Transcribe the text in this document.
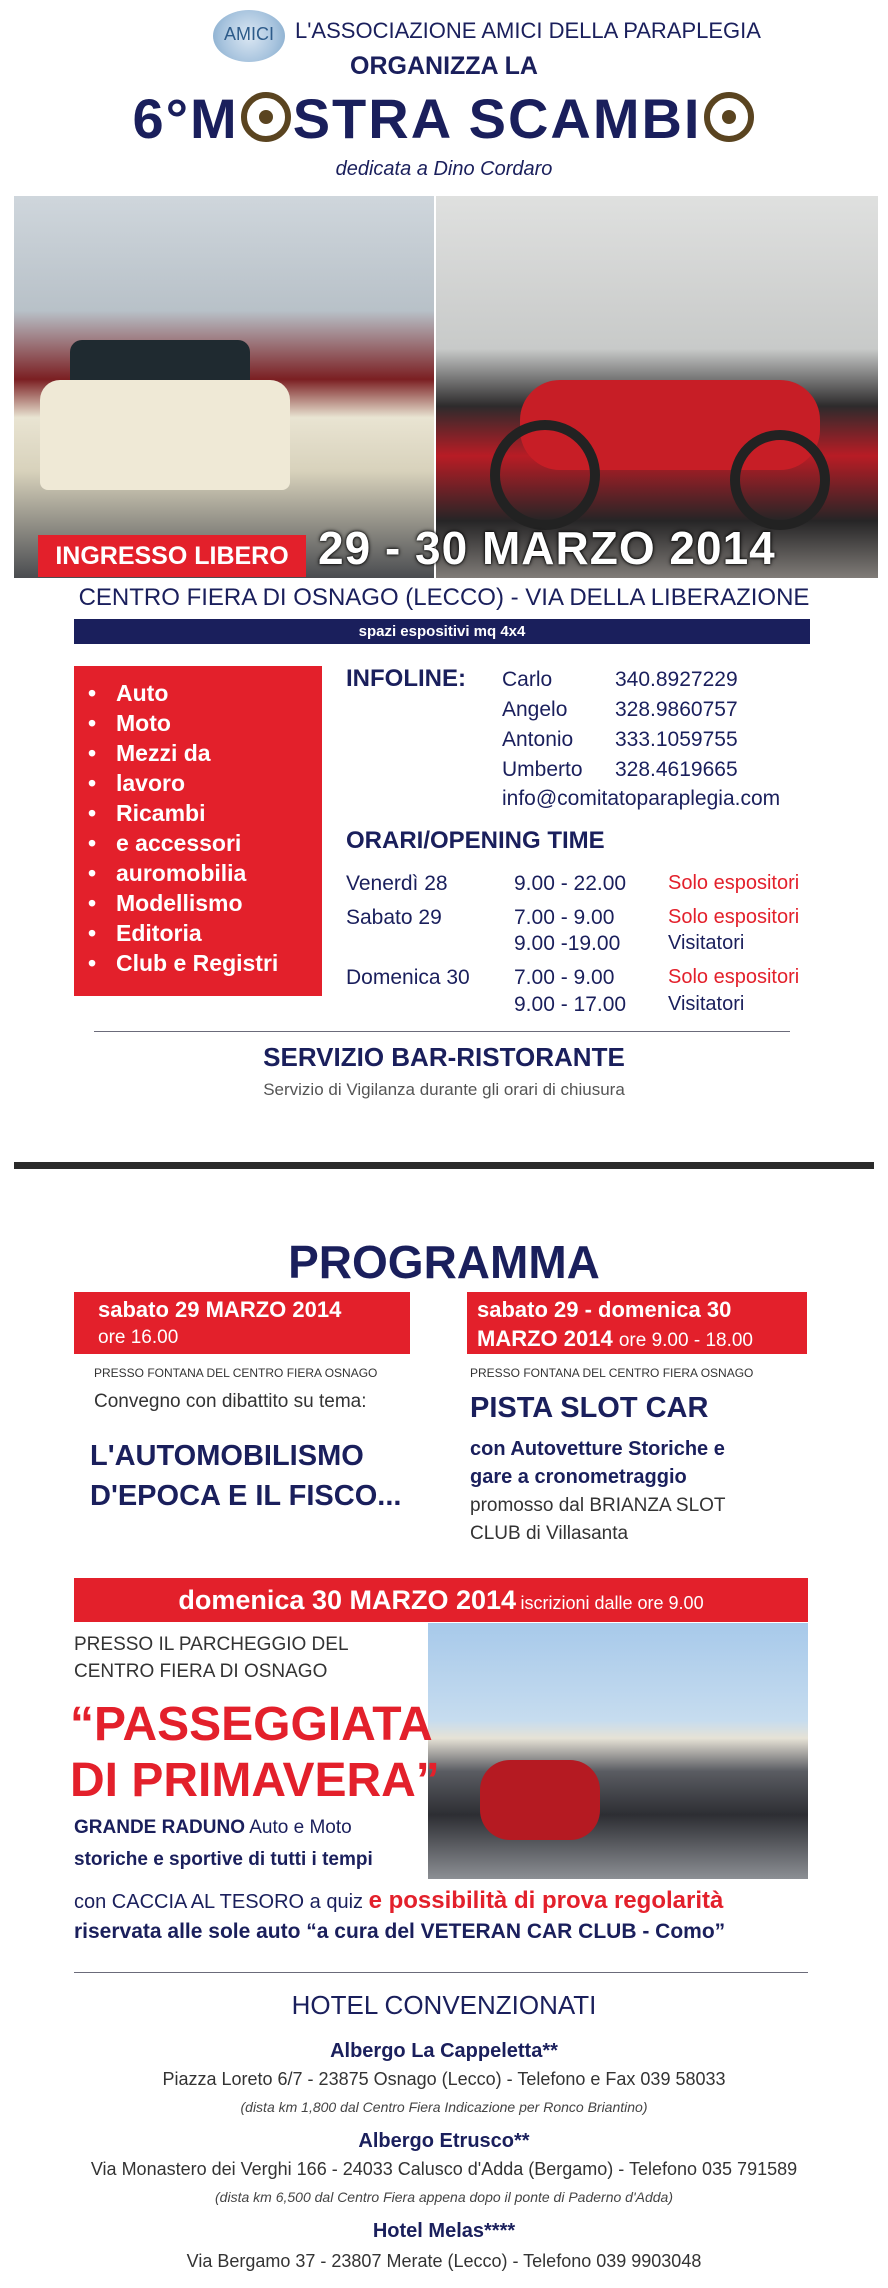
AMICI L'ASSOCIAZIONE AMICI DELLA PARAPLEGIA
ORGANIZZA LA
6°M STRA SCAMBI
dedicata a Dino Cordaro
INGRESSO LIBERO 29 - 30 MARZO 2014
CENTRO FIERA DI OSNAGO (LECCO) - VIA DELLA LIBERAZIONE
spazi espositivi mq 4x4
• Auto
• Moto
• Mezzi da
• lavoro
• Ricambi
• e accessori
• auromobilia
• Modellismo
• Editoria
• Club e Registri
INFOLINE: Carlo	340.8927229
Angelo 328.9860757
Antonio 333.1059755
Umberto 328.4619665
info@comitatoparaplegia.com
ORARI/OPENING TIME
Venerdì 28	9.00 - 22.00 Solo espositori
Sabato 29	7.00 - 9.00	Solo espositori
9.00 -19.00 Visitatori
Domenica 30 7.00 - 9.00	Solo espositori
9.00 - 17.00 Visitatori
SERVIZIO BAR-RISTORANTE
Servizio di Vigilanza durante gli orari di chiusura
PROGRAMMA
sabato 29 MARZO 2014
ore 16.00
PRESSO FONTANA DEL CENTRO FIERA OSNAGO
Convegno con dibattito su tema:
L'AUTOMOBILISMO
D'EPOCA E IL FISCO...
sabato 29 - domenica 30
MARZO 2014 ore 9.00 - 18.00
PRESSO FONTANA DEL CENTRO FIERA OSNAGO
PISTA SLOT CAR
con Autovetture Storiche e
gare a cronometraggio
promosso dal BRIANZA SLOT
CLUB di Villasanta
domenica 30 MARZO 2014 iscrizioni dalle ore 9.00
PRESSO IL PARCHEGGIO DEL
CENTRO FIERA DI OSNAGO
“PASSEGGIATA
DI PRIMAVERA”
GRANDE RADUNO Auto e Moto
storiche e sportive di tutti i tempi
con CACCIA AL TESORO a quiz e possibilità di prova regolarità
riservata alle sole auto “a cura del VETERAN CAR CLUB - Como”
HOTEL CONVENZIONATI
Albergo La Cappeletta**
Piazza Loreto 6/7 - 23875 Osnago (Lecco) - Telefono e Fax 039 58033
(dista km 1,800 dal Centro Fiera Indicazione per Ronco Briantino)
Albergo Etrusco**
Via Monastero dei Verghi 166 - 24033 Calusco d'Adda (Bergamo) - Telefono 035 791589
(dista km 6,500 dal Centro Fiera appena dopo il ponte di Paderno d'Adda)
Hotel Melas****
Via Bergamo 37 - 23807 Merate (Lecco) - Telefono 039 9903048
